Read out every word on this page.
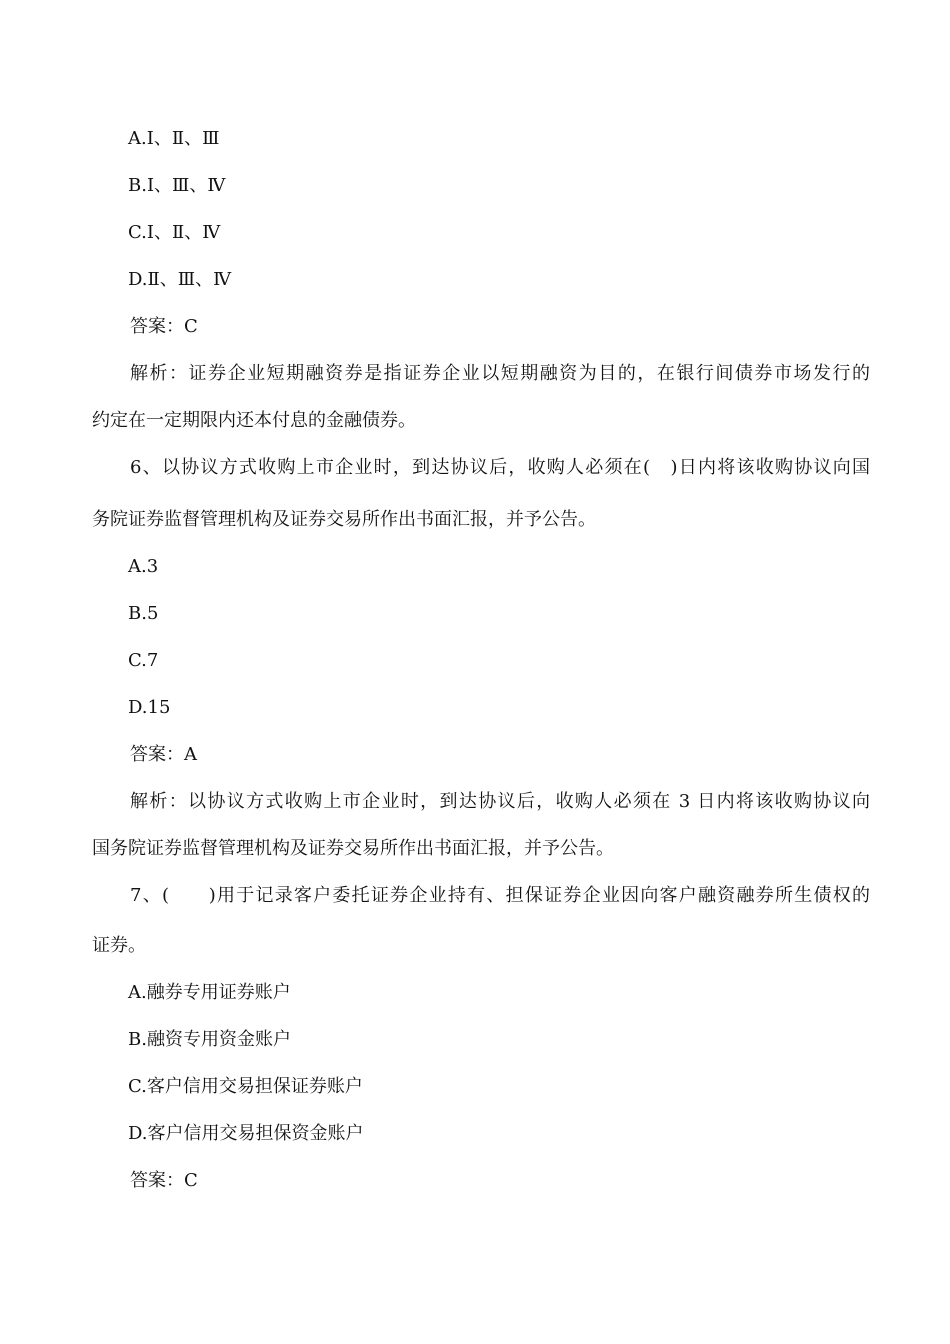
A.Ⅰ、Ⅱ、Ⅲ
B.Ⅰ、Ⅲ、Ⅳ
C.Ⅰ、Ⅱ、Ⅳ
D.Ⅱ、Ⅲ、Ⅳ
答案：C
解析：证券企业短期融资券是指证券企业以短期融资为目的，在银行间债券市场发行的
约定在一定期限内还本付息的金融债券。
6、以协议方式收购上市企业时，到达协议后，收购人必须在(　)日内将该收购协议向国
务院证券监督管理机构及证券交易所作出书面汇报，并予公告。
A.3
B.5
C.7
D.15
答案：A
解析：以协议方式收购上市企业时，到达协议后，收购人必须在 3 日内将该收购协议向
国务院证券监督管理机构及证券交易所作出书面汇报，并予公告。
7、(　　)用于记录客户委托证券企业持有、担保证券企业因向客户融资融券所生债权的
证券。
A.融券专用证券账户
B.融资专用资金账户
C.客户信用交易担保证券账户
D.客户信用交易担保资金账户
答案：C
